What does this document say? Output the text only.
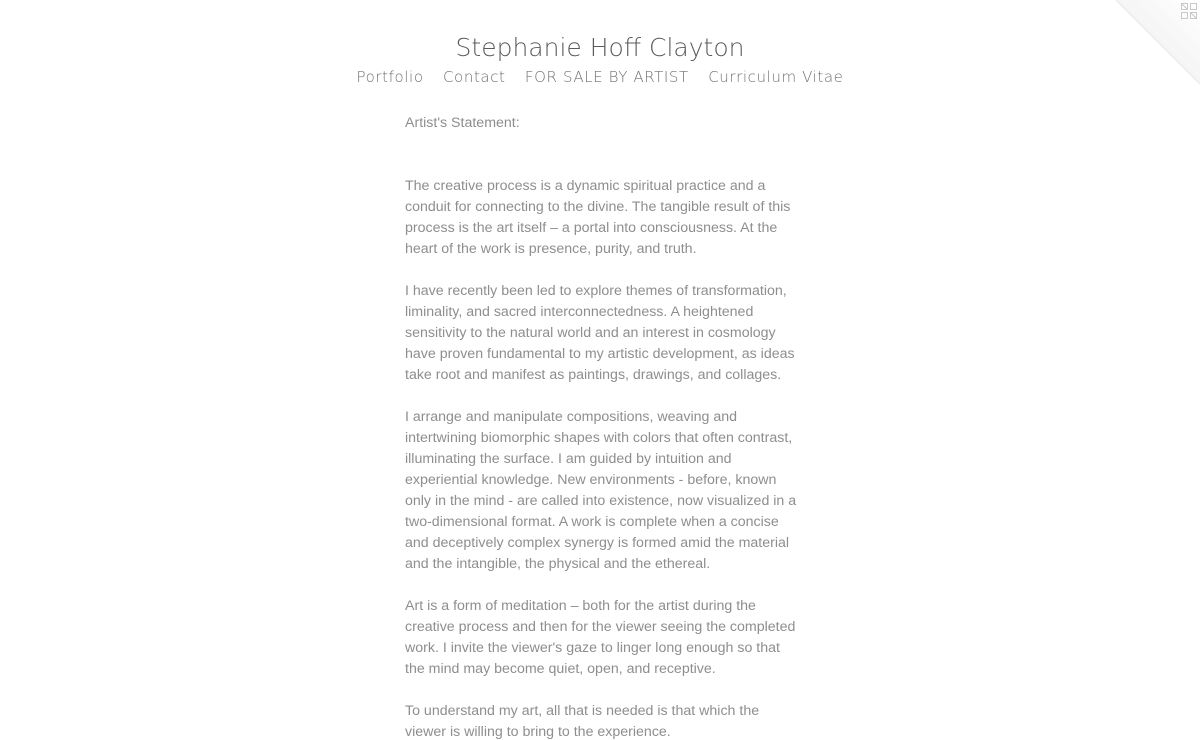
Stephanie Hoff Clayton
Portfolio Contact FOR SALE BY ARTIST Curriculum Vitae

Artist's Statement:

The creative process is a dynamic spiritual practice and a conduit for connecting to the divine. The tangible result of this process is the art itself – a portal into consciousness. At the heart of the work is presence, purity, and truth.

I have recently been led to explore themes of transformation, liminality, and sacred interconnectedness. A heightened sensitivity to the natural world and an interest in cosmology have proven fundamental to my artistic development, as ideas take root and manifest as paintings, drawings, and collages.

I arrange and manipulate compositions, weaving and intertwining biomorphic shapes with colors that often contrast, illuminating the surface. I am guided by intuition and experiential knowledge. New environments - before, known only in the mind - are called into existence, now visualized in a two-dimensional format. A work is complete when a concise and deceptively complex synergy is formed amid the material and the intangible, the physical and the ethereal.

Art is a form of meditation – both for the artist during the creative process and then for the viewer seeing the completed work. I invite the viewer's gaze to linger long enough so that the mind may become quiet, open, and receptive.

To understand my art, all that is needed is that which the viewer is willing to bring to the experience.
